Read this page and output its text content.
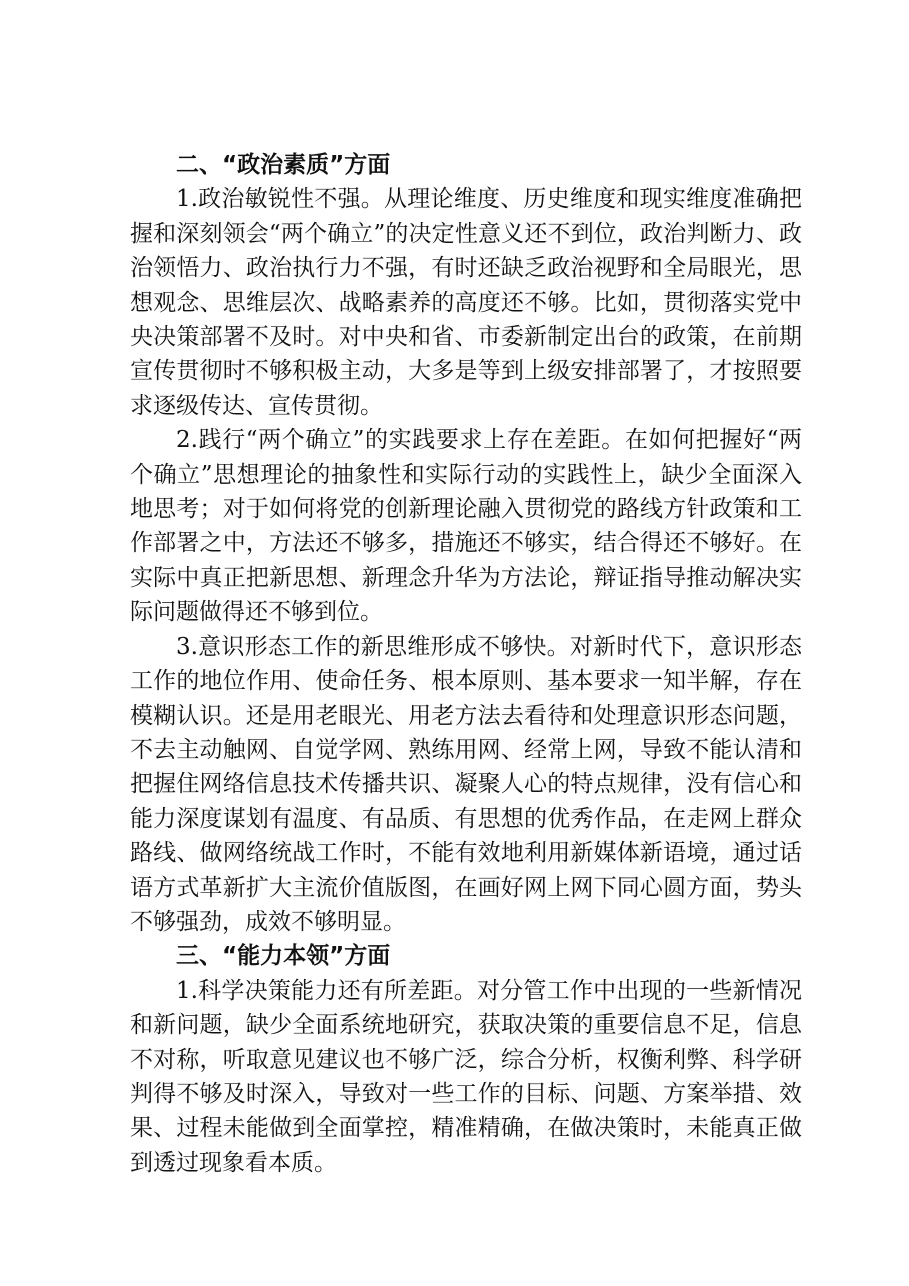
二、“政治素质”方面

1.政治敏锐性不强。从理论维度、历史维度和现实维度准确把握和深刻领会“两个确立”的决定性意义还不到位，政治判断力、政治领悟力、政治执行力不强，有时还缺乏政治视野和全局眼光，思想观念、思维层次、战略素养的高度还不够。比如，贯彻落实党中央决策部署不及时。对中央和省、市委新制定出台的政策，在前期宣传贯彻时不够积极主动，大多是等到上级安排部署了，才按照要求逐级传达、宣传贯彻。

2.践行“两个确立”的实践要求上存在差距。在如何把握好“两个确立”思想理论的抽象性和实际行动的实践性上，缺少全面深入地思考；对于如何将党的创新理论融入贯彻党的路线方针政策和工作部署之中，方法还不够多，措施还不够实，结合得还不够好。在实际中真正把新思想、新理念升华为方法论，辩证指导推动解决实际问题做得还不够到位。

3.意识形态工作的新思维形成不够快。对新时代下，意识形态工作的地位作用、使命任务、根本原则、基本要求一知半解，存在模糊认识。还是用老眼光、用老方法去看待和处理意识形态问题，不去主动触网、自觉学网、熟练用网、经常上网，导致不能认清和把握住网络信息技术传播共识、凝聚人心的特点规律，没有信心和能力深度谋划有温度、有品质、有思想的优秀作品，在走网上群众路线、做网络统战工作时，不能有效地利用新媒体新语境，通过话语方式革新扩大主流价值版图，在画好网上网下同心圆方面，势头不够强劲，成效不够明显。

三、“能力本领”方面

1.科学决策能力还有所差距。对分管工作中出现的一些新情况和新问题，缺少全面系统地研究，获取决策的重要信息不足，信息不对称，听取意见建议也不够广泛，综合分析，权衡利弊、科学研判得不够及时深入，导致对一些工作的目标、问题、方案举措、效果、过程未能做到全面掌控，精准精确，在做决策时，未能真正做到透过现象看本质。
